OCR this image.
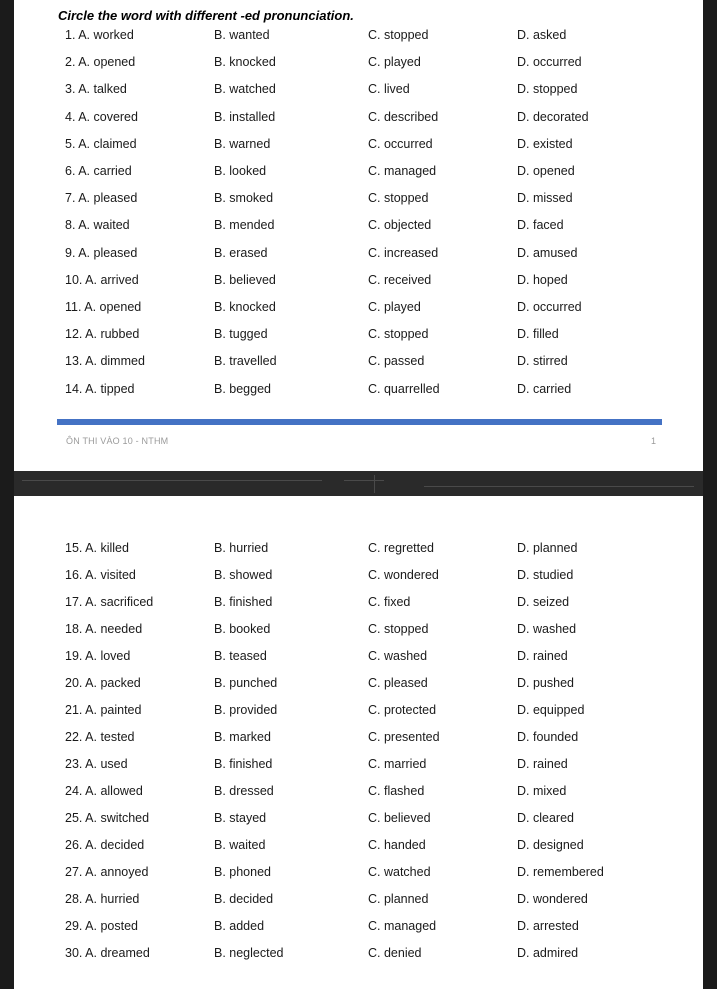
Circle the word with different -ed pronunciation.
1. A. worked	B. wanted	C. stopped	D. asked
2. A. opened	B. knocked	C. played	D. occurred
3. A. talked	B. watched	C. lived	D. stopped
4. A. covered	B. installed	C. described	D. decorated
5. A. claimed	B. warned	C. occurred	D. existed
6. A. carried	B. looked	C. managed	D. opened
7. A. pleased	B. smoked	C. stopped	D. missed
8. A. waited	B. mended	C. objected	D. faced
9. A. pleased	B. erased	C. increased	D. amused
10. A. arrived	B. believed	C. received	D. hoped
11. A. opened	B. knocked	C. played	D. occurred
12. A. rubbed	B. tugged	C. stopped	D. filled
13. A. dimmed	B. travelled	C. passed	D. stirred
14. A. tipped	B. begged	C. quarrelled	D. carried
ÔN THI VÀO 10 - NTHM	1
15. A. killed	B. hurried	C. regretted	D. planned
16. A. visited	B. showed	C. wondered	D. studied
17. A. sacrificed	B. finished	C. fixed	D. seized
18. A. needed	B. booked	C. stopped	D. washed
19. A. loved	B. teased	C. washed	D. rained
20. A. packed	B. punched	C. pleased	D. pushed
21. A. painted	B. provided	C. protected	D. equipped
22. A. tested	B. marked	C. presented	D. founded
23. A. used	B. finished	C. married	D. rained
24. A. allowed	B. dressed	C. flashed	D. mixed
25. A. switched	B. stayed	C. believed	D. cleared
26. A. decided	B. waited	C. handed	D. designed
27. A. annoyed	B. phoned	C. watched	D. remembered
28. A. hurried	B. decided	C. planned	D. wondered
29. A. posted	B. added	C. managed	D. arrested
30. A. dreamed	B. neglected	C. denied	D. admired
